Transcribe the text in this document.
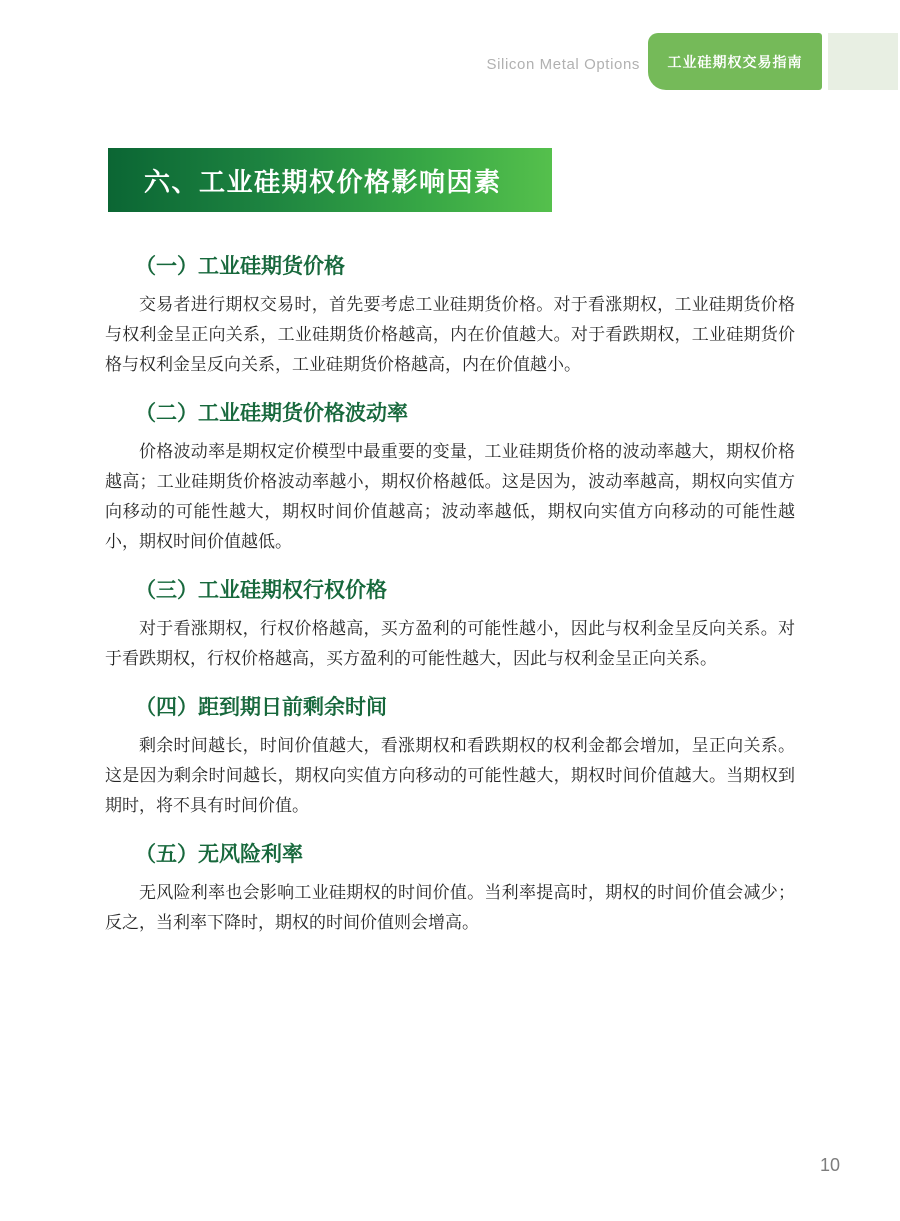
Silicon Metal Options 工业硅期权交易指南
六、工业硅期权价格影响因素
（一）工业硅期货价格

交易者进行期权交易时，首先要考虑工业硅期货价格。对于看涨期权，工业硅期货价格与权利金呈正向关系，工业硅期货价格越高，内在价值越大。对于看跌期权，工业硅期货价格与权利金呈反向关系，工业硅期货价格越高，内在价值越小。

（二）工业硅期货价格波动率

价格波动率是期权定价模型中最重要的变量，工业硅期货价格的波动率越大，期权价格越高；工业硅期货价格波动率越小，期权价格越低。这是因为，波动率越高，期权向实值方向移动的可能性越大，期权时间价值越高；波动率越低，期权向实值方向移动的可能性越小，期权时间价值越低。

（三）工业硅期权行权价格

对于看涨期权，行权价格越高，买方盈利的可能性越小，因此与权利金呈反向关系。对于看跌期权，行权价格越高，买方盈利的可能性越大，因此与权利金呈正向关系。

（四）距到期日前剩余时间

剩余时间越长，时间价值越大，看涨期权和看跌期权的权利金都会增加，呈正向关系。这是因为剩余时间越长，期权向实值方向移动的可能性越大，期权时间价值越大。当期权到期时，将不具有时间价值。

（五）无风险利率

无风险利率也会影响工业硅期权的时间价值。当利率提高时，期权的时间价值会减少；反之，当利率下降时，期权的时间价值则会增高。

10
